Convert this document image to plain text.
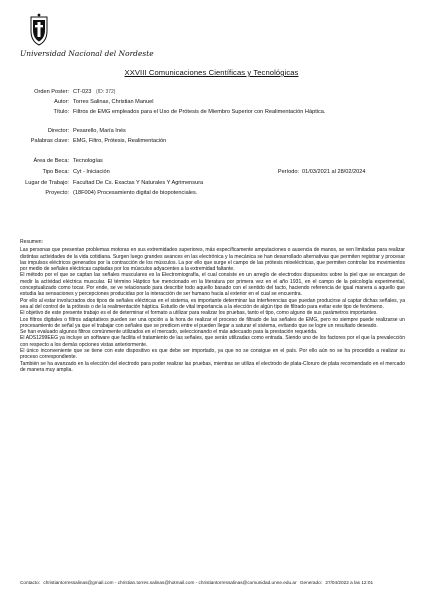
Universidad Nacional del Nordeste
XXVIII Comunicaciones Científicas y Tecnológicas
Orden Poster: CT-023 (ID: 372)
Autor: Torres Salinas, Christian Manuel
Título: Filtros de EMG empleados para el Uso de Prótesis de Miembro Superior con Realimentación Háptica.
Director: Pesarello, María Inés
Palabras clave: EMG, Filtro, Prótesis, Realimentación
Área de Beca: Tecnologías
Tipo Beca: Cyt - Iniciación	Período: 01/03/2021 al 28/02/2024
Lugar de Trabajo: Facultad De Cs. Exactas Y Naturales Y Agrimensura
Proyecto: (18F004) Procesamiento digital de biopotenciales.
Resumen:

Las personas que presentan problemas motoras en sus extremidades superiores, más específicamente amputaciones o ausencia de manos, se ven limitadas para realizar distintas actividades de la vida cotidiana. Surgen luego grandes avances en las electrónica y la mecánica se han desarrollado alternativas que permiten registrar y procesar las impulsos eléctricos generados por la contracción de los músculos. La por ello que surge el campo de las prótesis mioeléctricas, que permiten controlar los movimientos por medio de señales eléctricas captadas por los músculos adyacentes a la extremidad faltante.

El método por el que se captan las señales musculares es la Electromiografía, el cual consiste en un arreglo de electrodos dispuestos sobre la piel que se encargan de medir la actividad eléctrica muscular. El término Háptico fue mencionado en la literatura por primera vez en el año 1931, en el campo de la psicología experimental, conceptualizado como tocar. Por ende, se ve relacionado para describir todo aquello basado con el sentido del tacto, haciendo referencia de igual manera a aquello que estudia las sensaciones y percepciones producidas por la interacción de ser humano hacia al exterior en el cual se encuentra.

Por ello al estar involucrados dos tipos de señales eléctricas en el sistema, es importante determinar las interferencias que puedan producirse al captar dichas señales, ya sea al del control de la prótesis o de la realimentación háptica. Estudio de vital importancia a la elección de algún tipo de filtrado para evitar este tipo de fenómeno.

El objetivo de este presente trabajo es el de determinar el formato a utilizar para realizar los pruebas, tanto el tipo, como alguno de sus parámetros importantes.

Los filtros digitales o filtros adaptativos pueden ser una opción a la hora de realizar el proceso de filtrado de las señales de EMG, pero no siempre puede realizarse un procesamiento de señal ya que el trabajar con señales que se predicen entre el pueden llegar a saturar el sistema, evitando que se logre un resultado deseado.

Se han evaluado algunos filtros comúnmente utilizados en el mercado, seleccionando el más adecuado para la prestación requerida.

El ADS1299EEG ya incluye un software que facilita el tratamiento de las señales, que serán utilizadas como entrada. Siendo uno de los factores por el que la prevalección con respecto a los demás opciones vistas anteriormente.

El único inconveniente que se tiene con este dispositivo es que debe ser importado, ya que no se consigue en el país. Por ello aún no se ha procedido a realizar su proceso correspondiente.

También se ha avanzado en la elección del electrodo para poder realizar las pruebas, mientras se utiliza el electrodo de plata-Cloruro de plata recomendado en el mercado de manera muy amplia.

Contacto: christiantorressalinas@gmail.com - christian.torres.salinas@hotmail.com - christiantorressalinas@comunidad.unne.edu.ar Generado: 27/04/2022 a las 12:01
